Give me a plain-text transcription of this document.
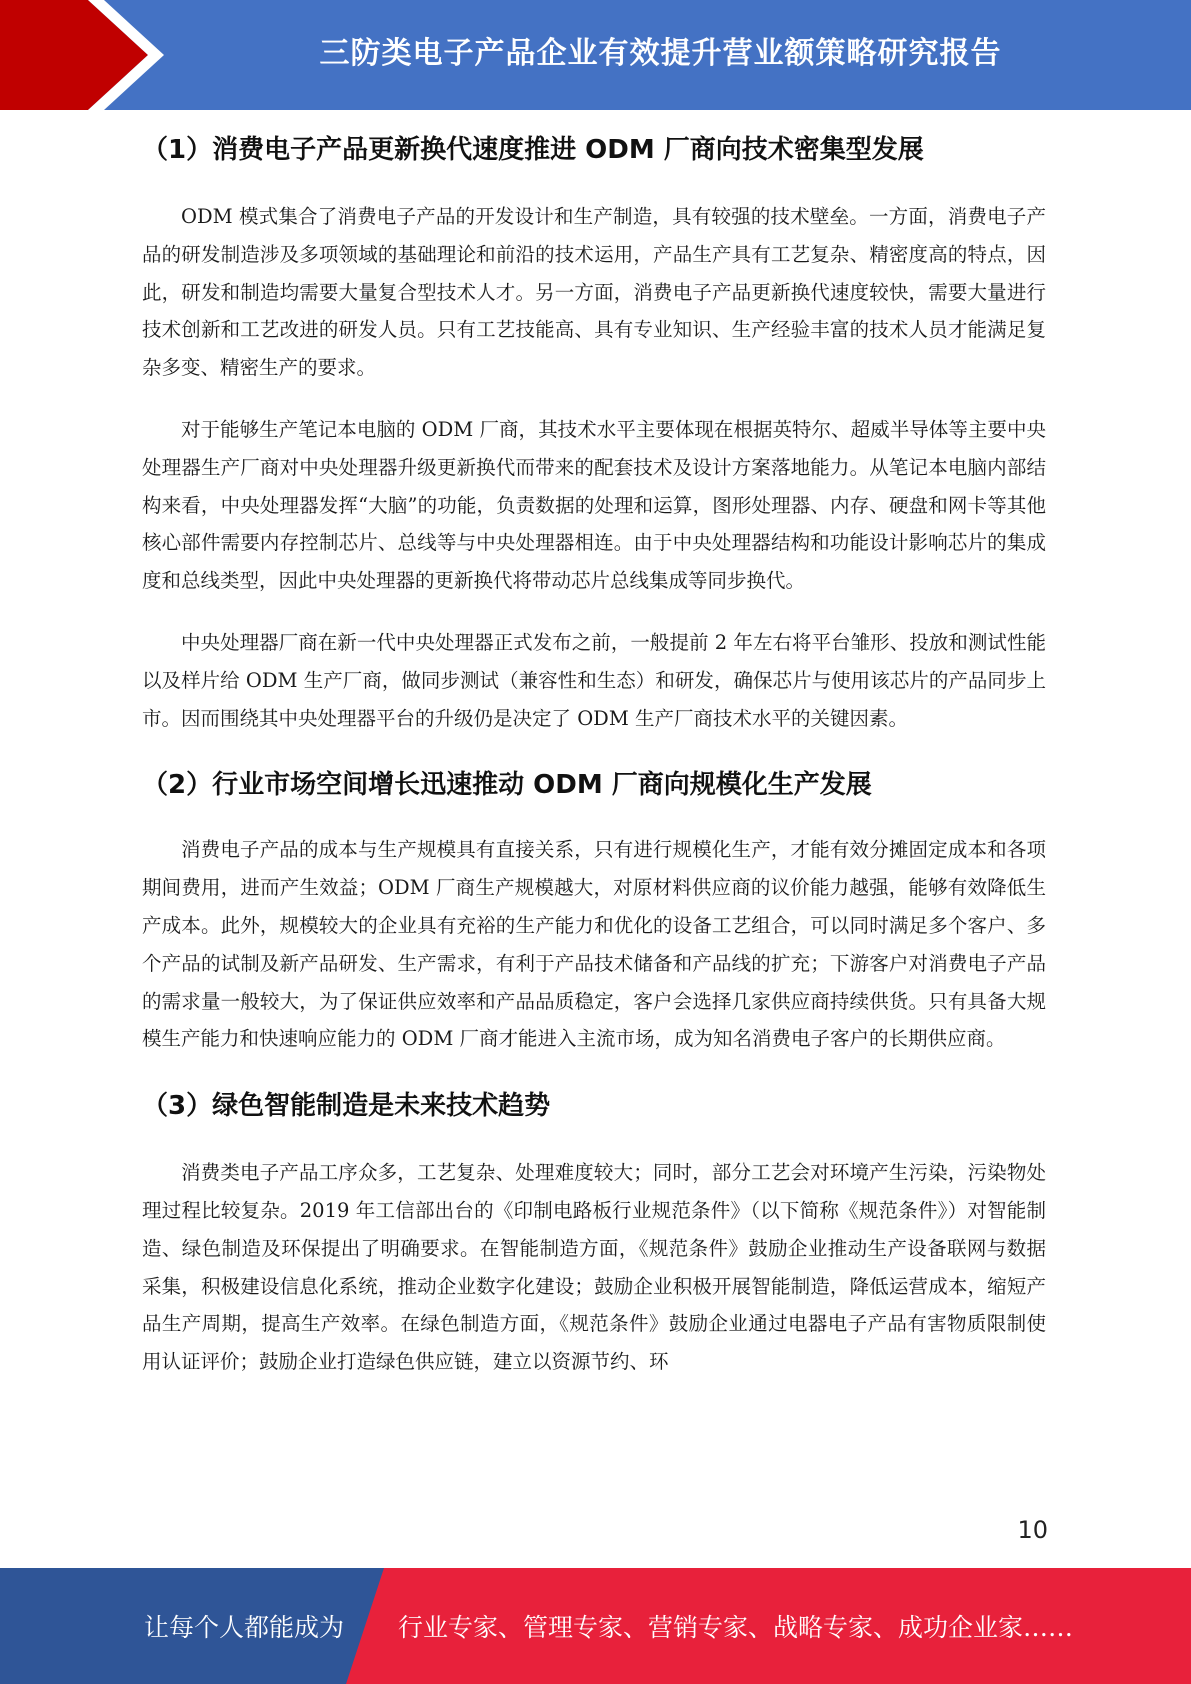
三防类电子产品企业有效提升营业额策略研究报告
（1）消费电子产品更新换代速度推进 ODM 厂商向技术密集型发展

ODM 模式集合了消费电子产品的开发设计和生产制造，具有较强的技术壁垒。一方面，消费电子产品的研发制造涉及多项领域的基础理论和前沿的技术运用，产品生产具有工艺复杂、精密度高的特点，因此，研发和制造均需要大量复合型技术人才。另一方面，消费电子产品更新换代速度较快，需要大量进行技术创新和工艺改进的研发人员。只有工艺技能高、具有专业知识、生产经验丰富的技术人员才能满足复杂多变、精密生产的要求。

对于能够生产笔记本电脑的 ODM 厂商，其技术水平主要体现在根据英特尔、超威半导体等主要中央处理器生产厂商对中央处理器升级更新换代而带来的配套技术及设计方案落地能力。从笔记本电脑内部结构来看，中央处理器发挥“大脑”的功能，负责数据的处理和运算，图形处理器、内存、硬盘和网卡等其他核心部件需要内存控制芯片、总线等与中央处理器相连。由于中央处理器结构和功能设计影响芯片的集成度和总线类型，因此中央处理器的更新换代将带动芯片总线集成等同步换代。

中央处理器厂商在新一代中央处理器正式发布之前，一般提前 2 年左右将平台雏形、投放和测试性能以及样片给 ODM 生产厂商，做同步测试（兼容性和生态）和研发，确保芯片与使用该芯片的产品同步上市。因而围绕其中央处理器平台的升级仍是决定了 ODM 生产厂商技术水平的关键因素。

（2）行业市场空间增长迅速推动 ODM 厂商向规模化生产发展

消费电子产品的成本与生产规模具有直接关系，只有进行规模化生产，才能有效分摊固定成本和各项期间费用，进而产生效益；ODM 厂商生产规模越大，对原材料供应商的议价能力越强，能够有效降低生产成本。此外，规模较大的企业具有充裕的生产能力和优化的设备工艺组合，可以同时满足多个客户、多个产品的试制及新产品研发、生产需求，有利于产品技术储备和产品线的扩充；下游客户对消费电子产品的需求量一般较大，为了保证供应效率和产品品质稳定，客户会选择几家供应商持续供货。只有具备大规模生产能力和快速响应能力的 ODM 厂商才能进入主流市场，成为知名消费电子客户的长期供应商。

（3）绿色智能制造是未来技术趋势

消费类电子产品工序众多，工艺复杂、处理难度较大；同时，部分工艺会对环境产生污染，污染物处理过程比较复杂。2019 年工信部出台的《印制电路板行业规范条件》（以下简称《规范条件》）对智能制造、绿色制造及环保提出了明确要求。在智能制造方面，《规范条件》鼓励企业推动生产设备联网与数据采集，积极建设信息化系统，推动企业数字化建设；鼓励企业积极开展智能制造，降低运营成本，缩短产品生产周期，提高生产效率。在绿色制造方面，《规范条件》鼓励企业通过电器电子产品有害物质限制使用认证评价；鼓励企业打造绿色供应链，建立以资源节约、环

10
让每个人都能成为 行业专家、管理专家、营销专家、战略专家、成功企业家……
